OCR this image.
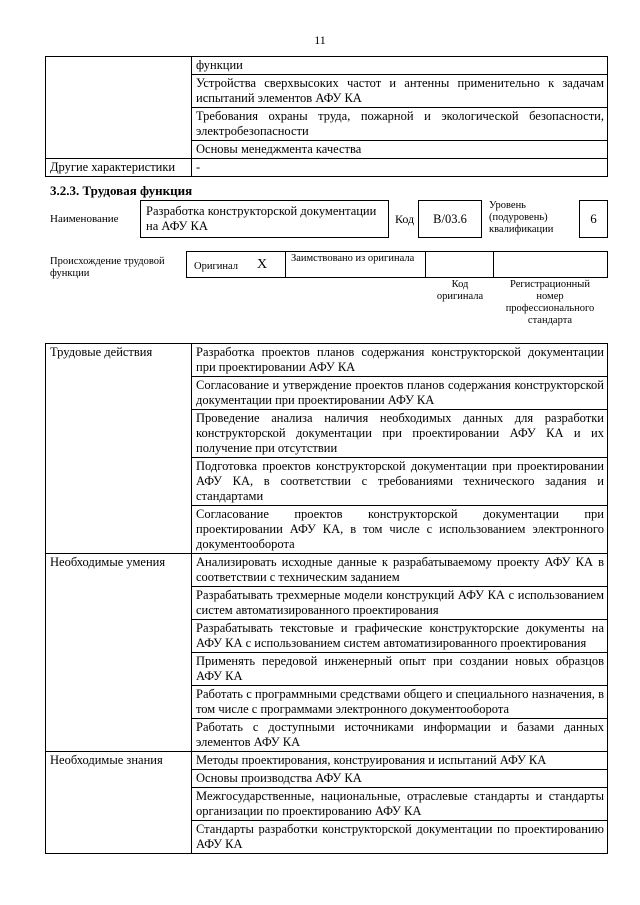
11
	функции
	Устройства сверхвысоких частот и антенны применительно к задачам испытаний элементов АФУ КА
	Требования охраны труда, пожарной и экологической безопасности, электробезопасности
	Основы менеджмента качества
Другие характеристики	-
3.2.3. Трудовая функция
Наименование
Разработка конструкторской документации на АФУ КА	Код	B/03.6
Уровень (подуровень) квалификации
6
Происхождение трудовой функции
Оригинал X Заимствовано из оригинала
Код оригинала
Регистрационный номер профессионального стандарта
Трудовые действия	Разработка проектов планов содержания конструкторской документации при проектировании АФУ КА
	Согласование и утверждение проектов планов содержания конструкторской документации при проектировании АФУ КА
	Проведение анализа наличия необходимых данных для разработки конструкторской документации при проектировании АФУ КА и их получение при отсутствии
	Подготовка проектов конструкторской документации при проектировании АФУ КА, в соответствии с требованиями технического задания и стандартами
	Согласование проектов конструкторской документации при проектировании АФУ КА, в том числе с использованием электронного документооборота
Необходимые умения	Анализировать исходные данные к разрабатываемому проекту АФУ КА в соответствии с техническим заданием
	Разрабатывать трехмерные модели конструкций АФУ КА с использованием систем автоматизированного проектирования
	Разрабатывать текстовые и графические конструкторские документы на АФУ КА с использованием систем автоматизированного проектирования
	Применять передовой инженерный опыт при создании новых образцов АФУ КА
	Работать с программными средствами общего и специального назначения, в том числе с программами электронного документооборота
	Работать с доступными источниками информации и базами данных элементов АФУ КА
Необходимые знания	Методы проектирования, конструирования и испытаний АФУ КА
	Основы производства АФУ КА
	Межгосударственные, национальные, отраслевые стандарты и стандарты организации по проектированию АФУ КА
	Стандарты разработки конструкторской документации по проектированию АФУ КА
